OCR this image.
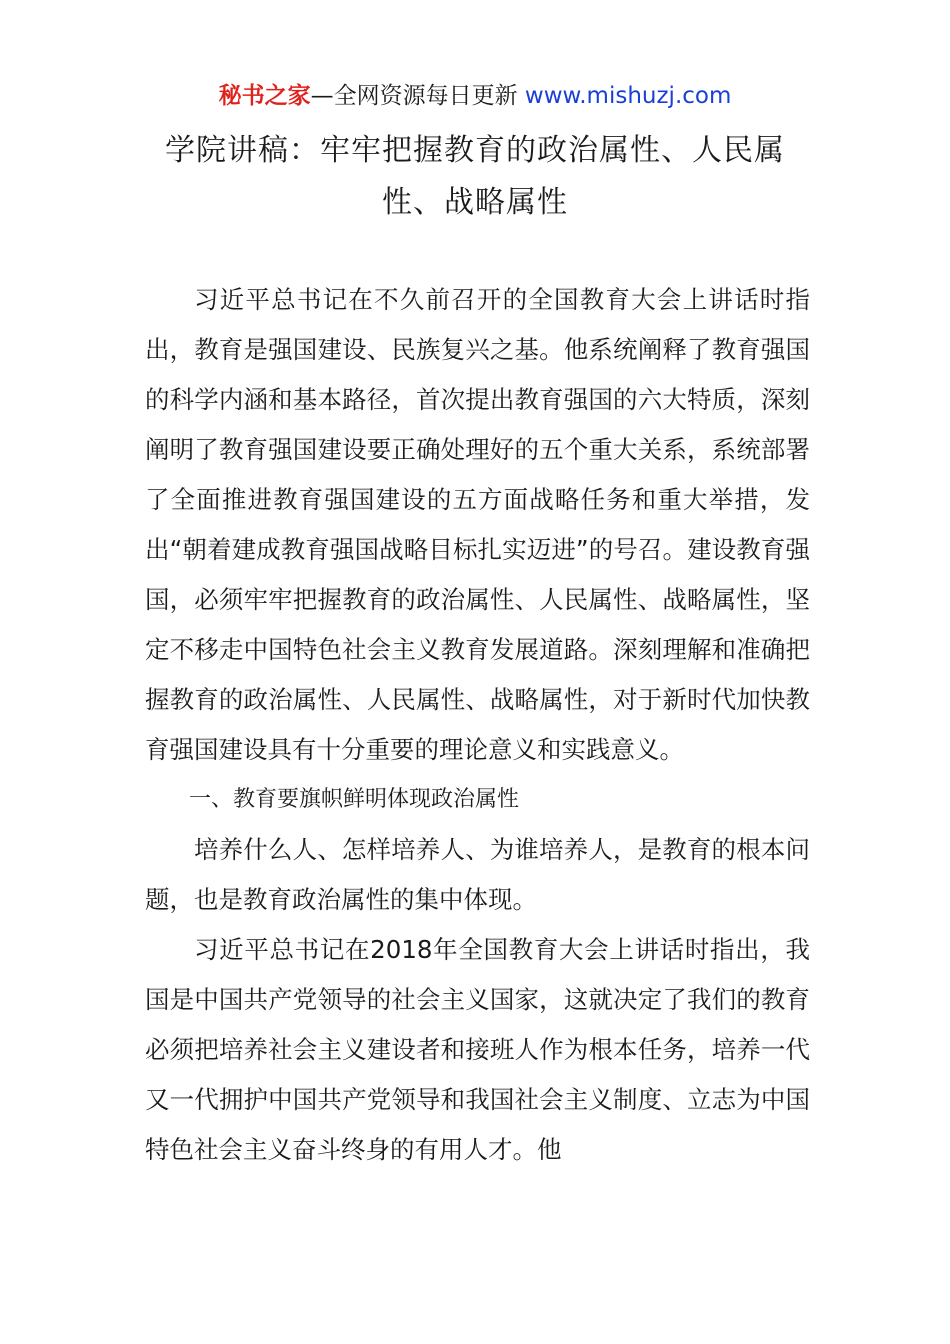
秘书之家—全网资源每日更新 www.mishuzj.com
学院讲稿：牢牢把握教育的政治属性、人民属性、战略属性

习近平总书记在不久前召开的全国教育大会上讲话时指出，教育是强国建设、民族复兴之基。他系统阐释了教育强国的科学内涵和基本路径，首次提出教育强国的六大特质，深刻阐明了教育强国建设要正确处理好的五个重大关系，系统部署了全面推进教育强国建设的五方面战略任务和重大举措，发出“朝着建成教育强国战略目标扎实迈进”的号召。建设教育强国，必须牢牢把握教育的政治属性、人民属性、战略属性，坚定不移走中国特色社会主义教育发展道路。深刻理解和准确把握教育的政治属性、人民属性、战略属性，对于新时代加快教育强国建设具有十分重要的理论意义和实践意义。

一、教育要旗帜鲜明体现政治属性

培养什么人、怎样培养人、为谁培养人，是教育的根本问题，也是教育政治属性的集中体现。

习近平总书记在2018年全国教育大会上讲话时指出，我国是中国共产党领导的社会主义国家，这就决定了我们的教育必须把培养社会主义建设者和接班人作为根本任务，培养一代又一代拥护中国共产党领导和我国社会主义制度、立志为中国特色社会主义奋斗终身的有用人才。他
